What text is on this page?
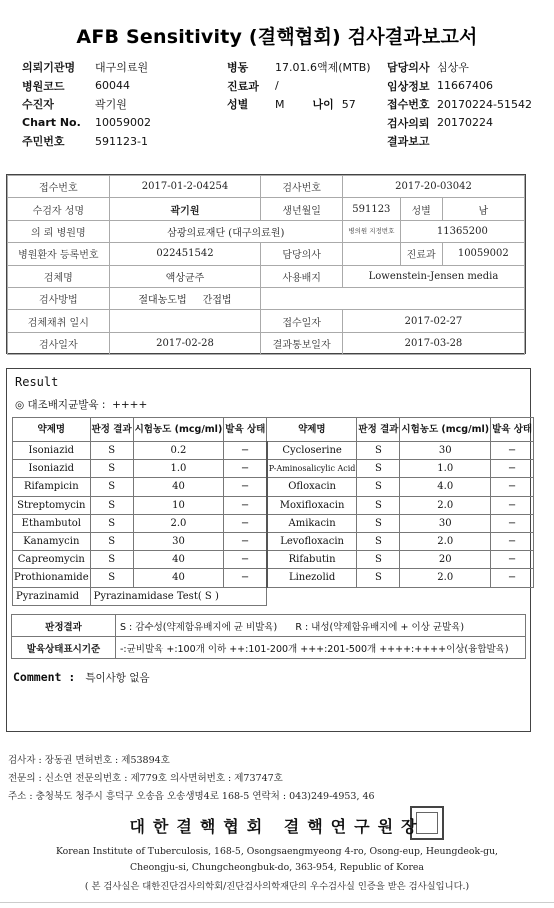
AFB Sensitivity (결핵협회) 검사결과보고서
의뢰기관명	대구의료원	병동	17.01.6액제(MTB) 담당의사 심상우
병원코드	60044	진료과	/	임상정보 11667406
수진자	곽기원	성별	M	나이 57	접수번호 20170224-51542
Chart No.	10059002	검사의뢰 20170224
주민번호	591123-1	결과보고
접수번호	2017-01-2-04254	검사번호	2017-20-03042		
수검자 성명	곽기원	생년월일	591123	성별	남
의 뢰 병원명	삼광의료재단 (대구의료원)		병의원 지정번호	11365200	
병원환자 등록번호	022451542	담당의사		진료과	10059002
검체명	액상균주	사용배지	Lowenstein-Jensen media		
검사방법	절대농도법 간접법				
검체채취 일시		접수일자	2017-02-27		
검사일자	2017-02-28	결과통보일자	2017-03-28		
Result
◎ 대조배지균발육 : ++++
약제명	판정 결과	시험농도 (mcg/ml)	발육 상태	약제명	판정 결과	시험농도 (mcg/ml)	발육 상태
Isoniazid	S	0.2	−	Cycloserine	S	30	−
Isoniazid	S	1.0	−	P-Aminosalicylic Acid	S	1.0	−
Rifampicin	S	40	−	Ofloxacin	S	4.0	−
Streptomycin	S	10	−	Moxifloxacin	S	2.0	−
Ethambutol	S	2.0	−	Amikacin	S	30	−
Kanamycin	S	30	−	Levofloxacin	S	2.0	−
Capreomycin	S	40	−	Rifabutin	S	20	−
Prothionamide	S	40	−	Linezolid	S	2.0	−
Pyrazinamid	Pyrazinamidase Test( S )						
판정결과	S : 감수성(약제함유배지에 균 비발육) R : 내성(약제함유배지에 + 이상 균발육)
발육상태표시기준	-:균비발육 +:100개 이하 ++:101-200개 +++:201-500개 ++++:++++이상(융합발육)
Comment : 특이사항 없음
검사자 : 장동권 면허번호 : 제53894호
전문의 : 신소연 전문의번호 : 제779호 의사면허번호 : 제73747호
주소 : 충청북도 청주시 흥덕구 오송읍 오송생명4로 168-5 연락처 : 043)249-4953, 46
대한결핵협회 결핵연구원장
Korean Institute of Tuberculosis, 168-5, Osongsaengmyeong 4-ro, Osong-eup, Heungdeok-gu,
Cheongju-si, Chungcheongbuk-do, 363-954, Republic of Korea
( 본 검사실은 대한진단검사의학회/진단검사의학재단의 우수검사실 인증을 받은 검사실입니다.)
